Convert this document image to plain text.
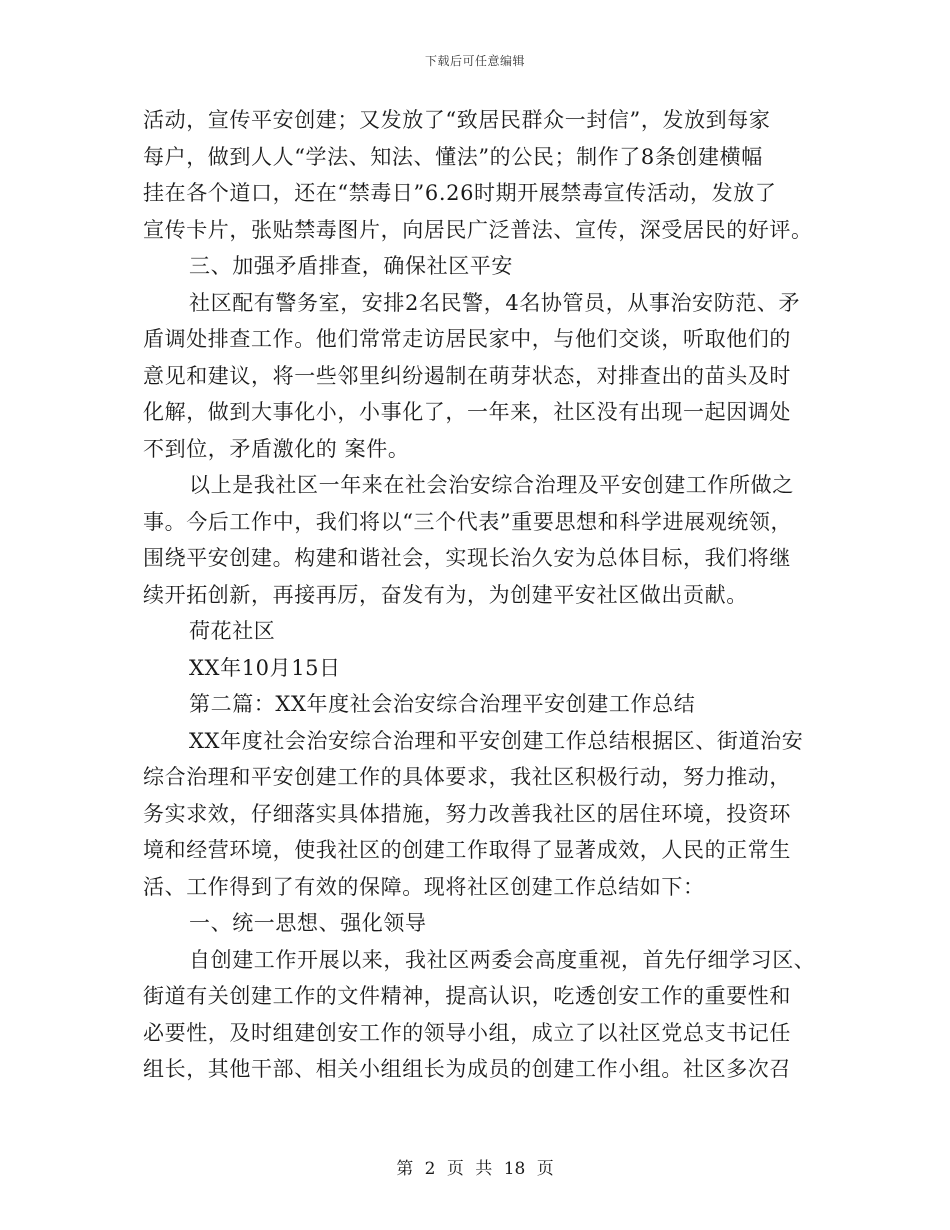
下载后可任意编辑
活动，宣传平安创建；又发放了“致居民群众一封信”，发放到每家
每户，做到人人“学法、知法、懂法”的公民；制作了8条创建横幅
挂在各个道口，还在“禁毒日”6.26时期开展禁毒宣传活动，发放了
宣传卡片，张贴禁毒图片，向居民广泛普法、宣传，深受居民的好评。
三、加强矛盾排查，确保社区平安
社区配有警务室，安排2名民警，4名协管员，从事治安防范、矛
盾调处排查工作。他们常常走访居民家中，与他们交谈，听取他们的
意见和建议，将一些邻里纠纷遏制在萌芽状态，对排查出的苗头及时
化解，做到大事化小，小事化了，一年来，社区没有出现一起因调处
不到位，矛盾激化的 案件。
以上是我社区一年来在社会治安综合治理及平安创建工作所做之
事。今后工作中，我们将以“三个代表”重要思想和科学进展观统领，
围绕平安创建。构建和谐社会，实现长治久安为总体目标，我们将继
续开拓创新，再接再厉，奋发有为，为创建平安社区做出贡献。
荷花社区
XX年10月15日
第二篇：XX年度社会治安综合治理平安创建工作总结
XX年度社会治安综合治理和平安创建工作总结根据区、街道治安
综合治理和平安创建工作的具体要求，我社区积极行动，努力推动，
务实求效，仔细落实具体措施，努力改善我社区的居住环境，投资环
境和经营环境，使我社区的创建工作取得了显著成效，人民的正常生
活、工作得到了有效的保障。现将社区创建工作总结如下：
一、统一思想、强化领导
自创建工作开展以来，我社区两委会高度重视，首先仔细学习区、
街道有关创建工作的文件精神，提高认识，吃透创安工作的重要性和
必要性，及时组建创安工作的领导小组，成立了以社区党总支书记任
组长，其他干部、相关小组组长为成员的创建工作小组。社区多次召
第 2 页 共 18 页
